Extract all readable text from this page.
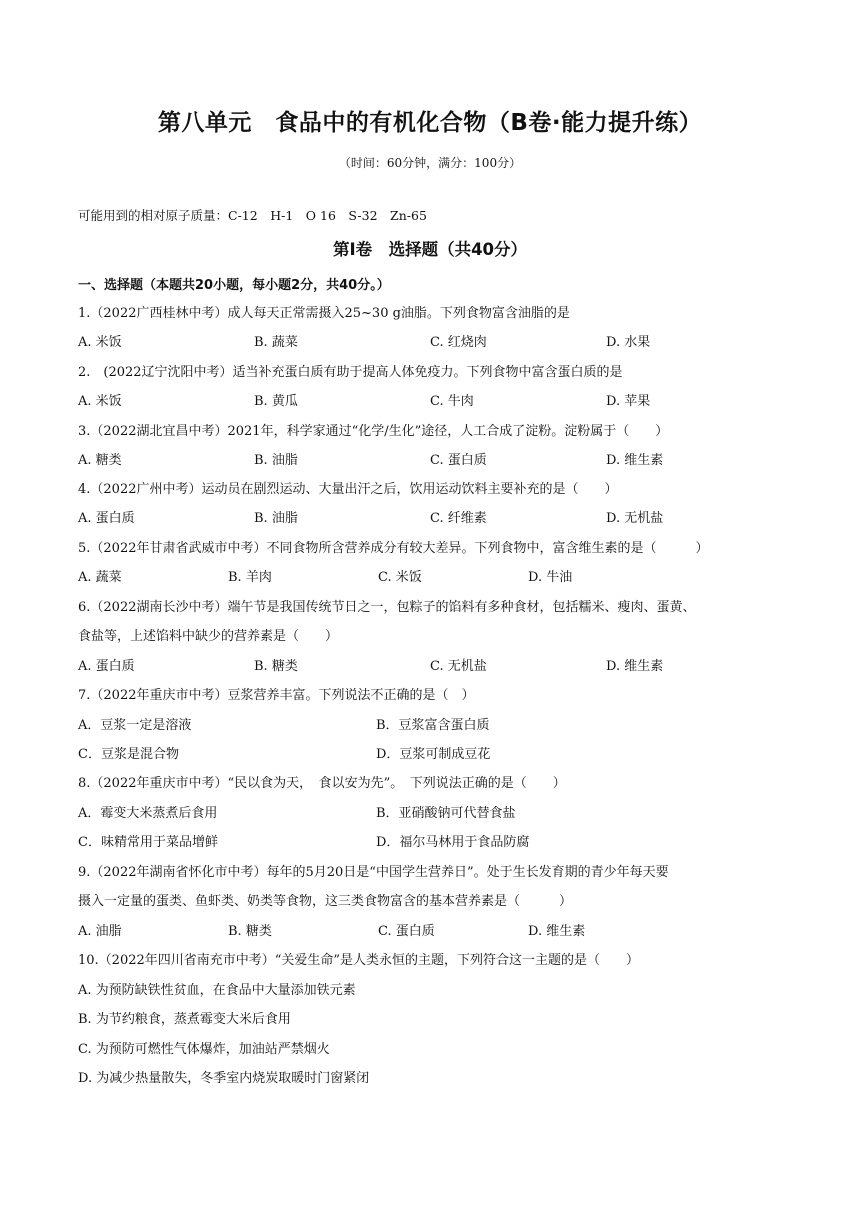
第八单元　食品中的有机化合物（B卷·能力提升练）
（时间：60分钟，满分：100分）
可能用到的相对原子质量：C-12　H-1　O 16　S-32　Zn-65
第Ⅰ卷　选择题（共40分）
一、选择题（本题共20小题，每小题2分，共40分。）
1.（2022广西桂林中考）成人每天正常需摄入25~30 g油脂。下列食物富含油脂的是
A. 米饭	B. 蔬菜	C. 红烧肉	D. 水果
2.　(2022辽宁沈阳中考）适当补充蛋白质有助于提高人体免疫力。下列食物中富含蛋白质的是
A. 米饭	B. 黄瓜	C. 牛肉	D. 苹果
3.（2022湖北宜昌中考）2021年，科学家通过“化学/生化”途径，人工合成了淀粉。淀粉属于（　　）
A. 糖类	B. 油脂	C. 蛋白质	D. 维生素
4.（2022广州中考）运动员在剧烈运动、大量出汗之后，饮用运动饮料主要补充的是（　　）
A. 蛋白质	B. 油脂	C. 纤维素	D. 无机盐
5.（2022年甘肃省武威市中考）不同食物所含营养成分有较大差异。下列食物中，富含维生素的是（　　　）
A. 蔬菜	B. 羊肉	C. 米饭	D. 牛油
6.（2022湖南长沙中考）端午节是我国传统节日之一，包粽子的馅料有多种食材，包括糯米、瘦肉、蛋黄、
食盐等，上述馅料中缺少的营养素是（　　）
A. 蛋白质	B. 糖类	C. 无机盐	D. 维生素
7.（2022年重庆市中考）豆浆营养丰富。下列说法不正确的是（　）
A．豆浆一定是溶液	B．豆浆富含蛋白质
C．豆浆是混合物	D．豆浆可制成豆花
8.（2022年重庆市中考）“民以食为天，　食以安为先”。　下列说法正确的是（　　）
A．霉变大米蒸煮后食用	B．亚硝酸钠可代替食盐
C．味精常用于菜品增鲜	D．福尔马林用于食品防腐
9.（2022年湖南省怀化市中考）每年的5月20日是“中国学生营养日”。处于生长发育期的青少年每天要
摄入一定量的蛋类、鱼虾类、奶类等食物，这三类食物富含的基本营养素是（　　　）
A. 油脂	B. 糖类	C. 蛋白质	D. 维生素
10.（2022年四川省南充市中考）“关爱生命”是人类永恒的主题，下列符合这一主题的是（　　）
A. 为预防缺铁性贫血，在食品中大量添加铁元素
B. 为节约粮食，蒸煮霉变大米后食用
C. 为预防可燃性气体爆炸，加油站严禁烟火
D. 为减少热量散失，冬季室内烧炭取暖时门窗紧闭
